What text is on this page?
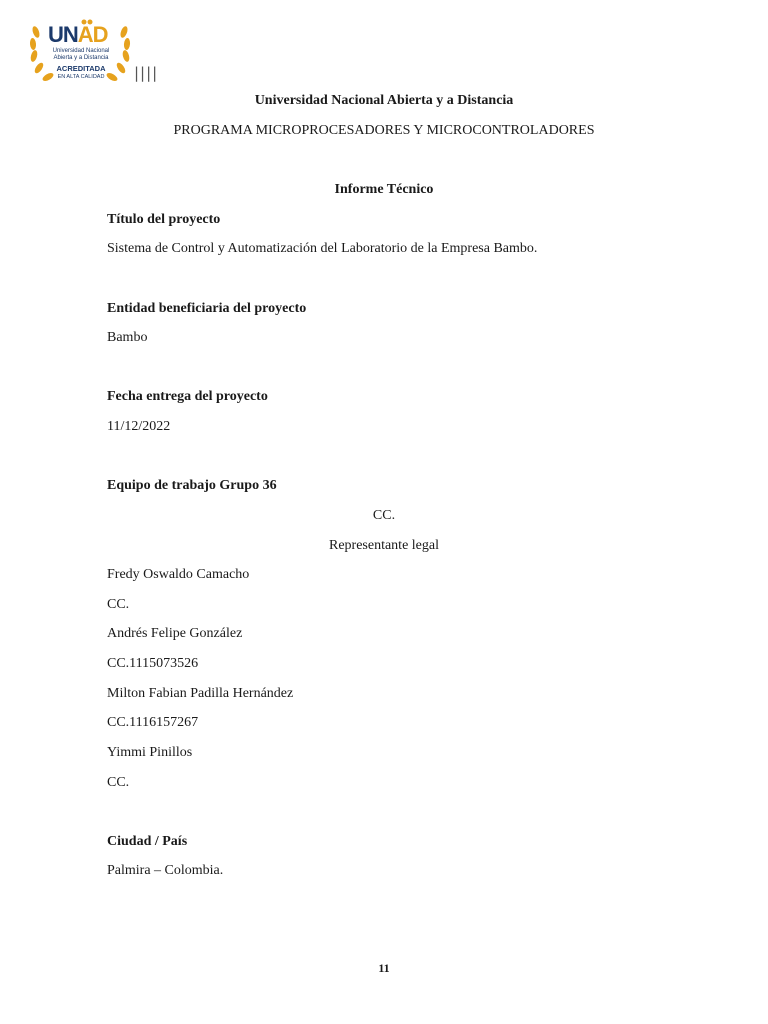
UNAD
Universidad Nacional Abierta y a Distancia
ACREDITADA
EN ALTA CALIDAD	||||
Universidad Nacional Abierta y a Distancia
PROGRAMA MICROPROCESADORES Y MICROCONTROLADORES
Informe Técnico
Título del proyecto
Sistema de Control y Automatización del Laboratorio de la Empresa Bambo.
Entidad beneficiaria del proyecto
Bambo
Fecha entrega del proyecto
11/12/2022
Equipo de trabajo Grupo 36
CC.
Representante legal
Fredy Oswaldo Camacho
CC.
Andrés Felipe González
CC.1115073526
Milton Fabian Padilla Hernández
CC.1116157267
Yimmi Pinillos
CC.
Ciudad / País
Palmira – Colombia.
11
